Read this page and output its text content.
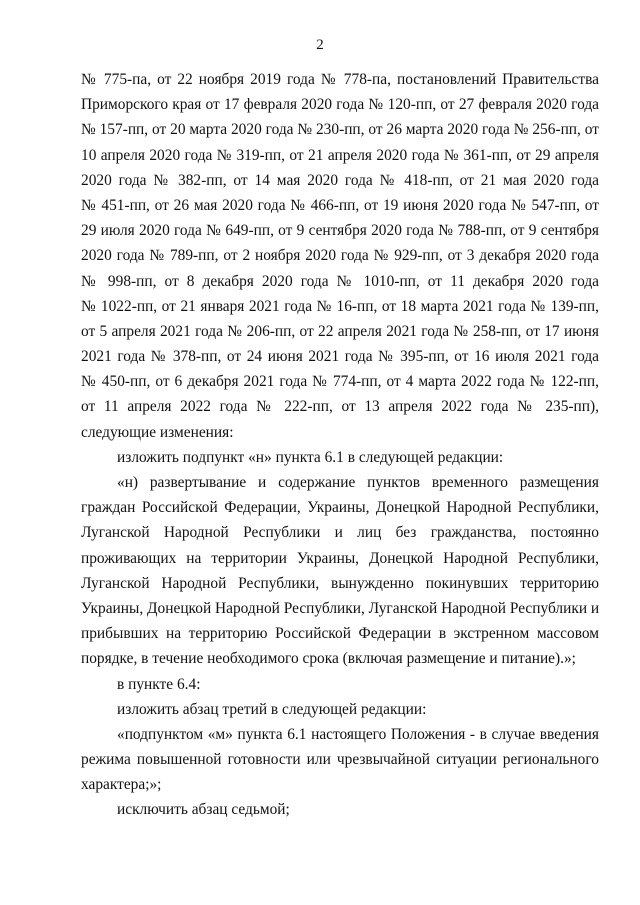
2
№ 775-па, от 22 ноября 2019 года № 778-па, постановлений Правительства
Приморского края от 17 февраля 2020 года № 120-пп, от 27 февраля 2020 года
№ 157-пп, от 20 марта 2020 года № 230-пп, от 26 марта 2020 года № 256-пп, от
10 апреля 2020 года № 319-пп, от 21 апреля 2020 года № 361-пп, от 29 апреля
2020 года № 382-пп, от 14 мая 2020 года № 418-пп, от 21 мая 2020 года
№ 451-пп, от 26 мая 2020 года № 466-пп, от 19 июня 2020 года № 547-пп, от
29 июля 2020 года № 649-пп, от 9 сентября 2020 года № 788-пп, от 9 сентября
2020 года № 789-пп, от 2 ноября 2020 года № 929-пп, от 3 декабря 2020 года
№ 998-пп, от 8 декабря 2020 года № 1010-пп, от 11 декабря 2020 года
№ 1022-пп, от 21 января 2021 года № 16-пп, от 18 марта 2021 года № 139-пп,
от 5 апреля 2021 года № 206-пп, от 22 апреля 2021 года № 258-пп, от 17 июня
2021 года № 378-пп, от 24 июня 2021 года № 395-пп, от 16 июля 2021 года
№ 450-пп, от 6 декабря 2021 года № 774-пп, от 4 марта 2022 года № 122-пп,
от 11 апреля 2022 года № 222-пп, от 13 апреля 2022 года № 235-пп),
следующие изменения:
изложить подпункт «н» пункта 6.1 в следующей редакции:
«н) развертывание и содержание пунктов временного размещения
граждан Российской Федерации, Украины, Донецкой Народной Республики,
Луганской Народной Республики и лиц без гражданства, постоянно
проживающих на территории Украины, Донецкой Народной Республики,
Луганской Народной Республики, вынужденно покинувших территорию
Украины, Донецкой Народной Республики, Луганской Народной Республики и
прибывших на территорию Российской Федерации в экстренном массовом
порядке, в течение необходимого срока (включая размещение и питание).»;
в пункте 6.4:
изложить абзац третий в следующей редакции:
«подпунктом «м» пункта 6.1 настоящего Положения - в случае введения
режима повышенной готовности или чрезвычайной ситуации регионального
характера;»;
исключить абзац седьмой;
